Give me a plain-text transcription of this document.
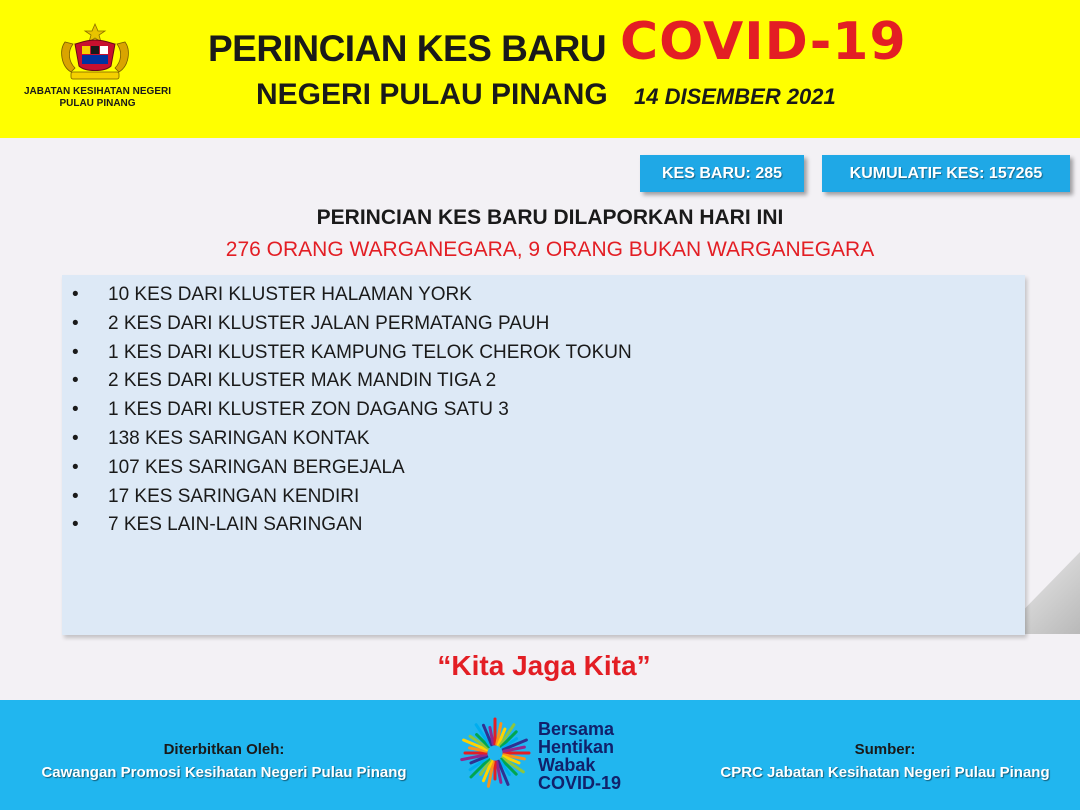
JABATAN KESIHATAN NEGERI PULAU PINANG
PERINCIAN KES BARU COVID-19
NEGERI PULAU PINANG 14 DISEMBER 2021
KES BARU: 285	KUMULATIF KES: 157265
PERINCIAN KES BARU DILAPORKAN HARI INI
276 ORANG WARGANEGARA, 9 ORANG BUKAN WARGANEGARA
• 10 KES DARI KLUSTER HALAMAN YORK
• 2 KES DARI KLUSTER JALAN PERMATANG PAUH
• 1 KES DARI KLUSTER KAMPUNG TELOK CHEROK TOKUN
• 2 KES DARI KLUSTER MAK MANDIN TIGA 2
• 1 KES DARI KLUSTER ZON DAGANG SATU 3
• 138 KES SARINGAN KONTAK
• 107 KES SARINGAN BERGEJALA
• 17 KES SARINGAN KENDIRI
• 7 KES LAIN-LAIN SARINGAN
“Kita Jaga Kita”
Diterbitkan Oleh:
Cawangan Promosi Kesihatan Negeri Pulau Pinang
Sumber:
CPRC Jabatan Kesihatan Negeri Pulau Pinang
Bersama
Hentikan
Wabak
COVID-19
